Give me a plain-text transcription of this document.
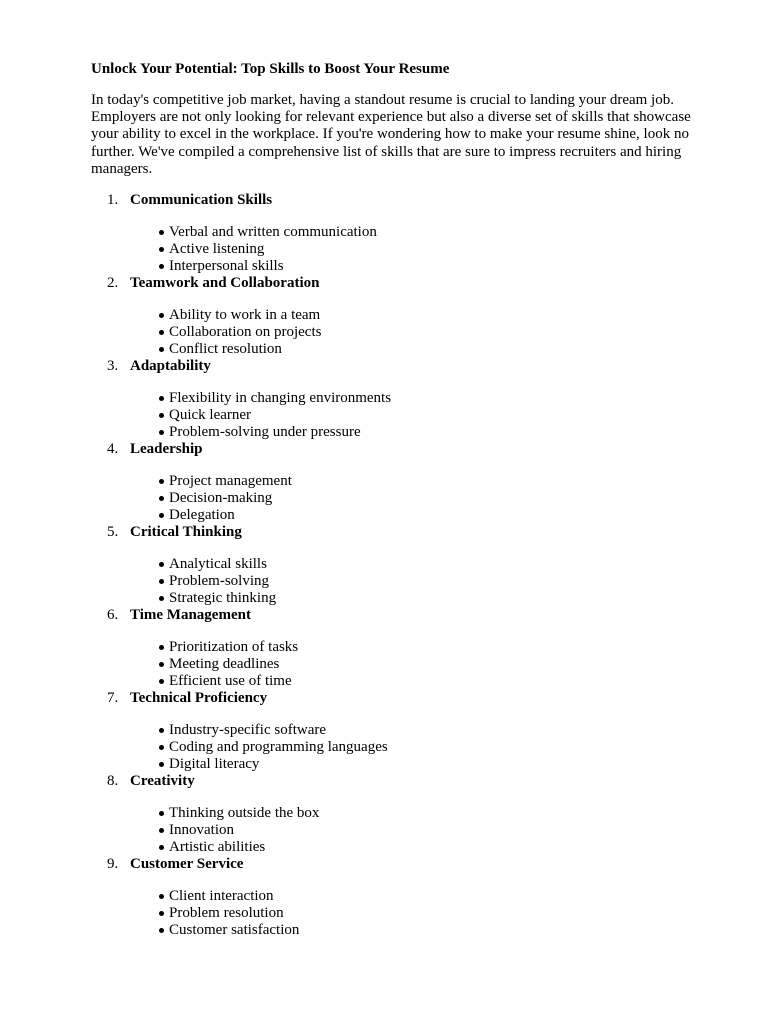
Unlock Your Potential: Top Skills to Boost Your Resume

In today's competitive job market, having a standout resume is crucial to landing your dream job. Employers are not only looking for relevant experience but also a diverse set of skills that showcase your ability to excel in the workplace. If you're wondering how to make your resume shine, look no further. We've compiled a comprehensive list of skills that are sure to impress recruiters and hiring managers.

1. Communication Skills
Verbal and written communication
Active listening
Interpersonal skills
2. Teamwork and Collaboration
Ability to work in a team
Collaboration on projects
Conflict resolution
3. Adaptability
Flexibility in changing environments
Quick learner
Problem-solving under pressure
4. Leadership
Project management
Decision-making
Delegation
5. Critical Thinking
Analytical skills
Problem-solving
Strategic thinking
6. Time Management
Prioritization of tasks
Meeting deadlines
Efficient use of time
7. Technical Proficiency
Industry-specific software
Coding and programming languages
Digital literacy
8. Creativity
Thinking outside the box
Innovation
Artistic abilities
9. Customer Service
Client interaction
Problem resolution
Customer satisfaction
